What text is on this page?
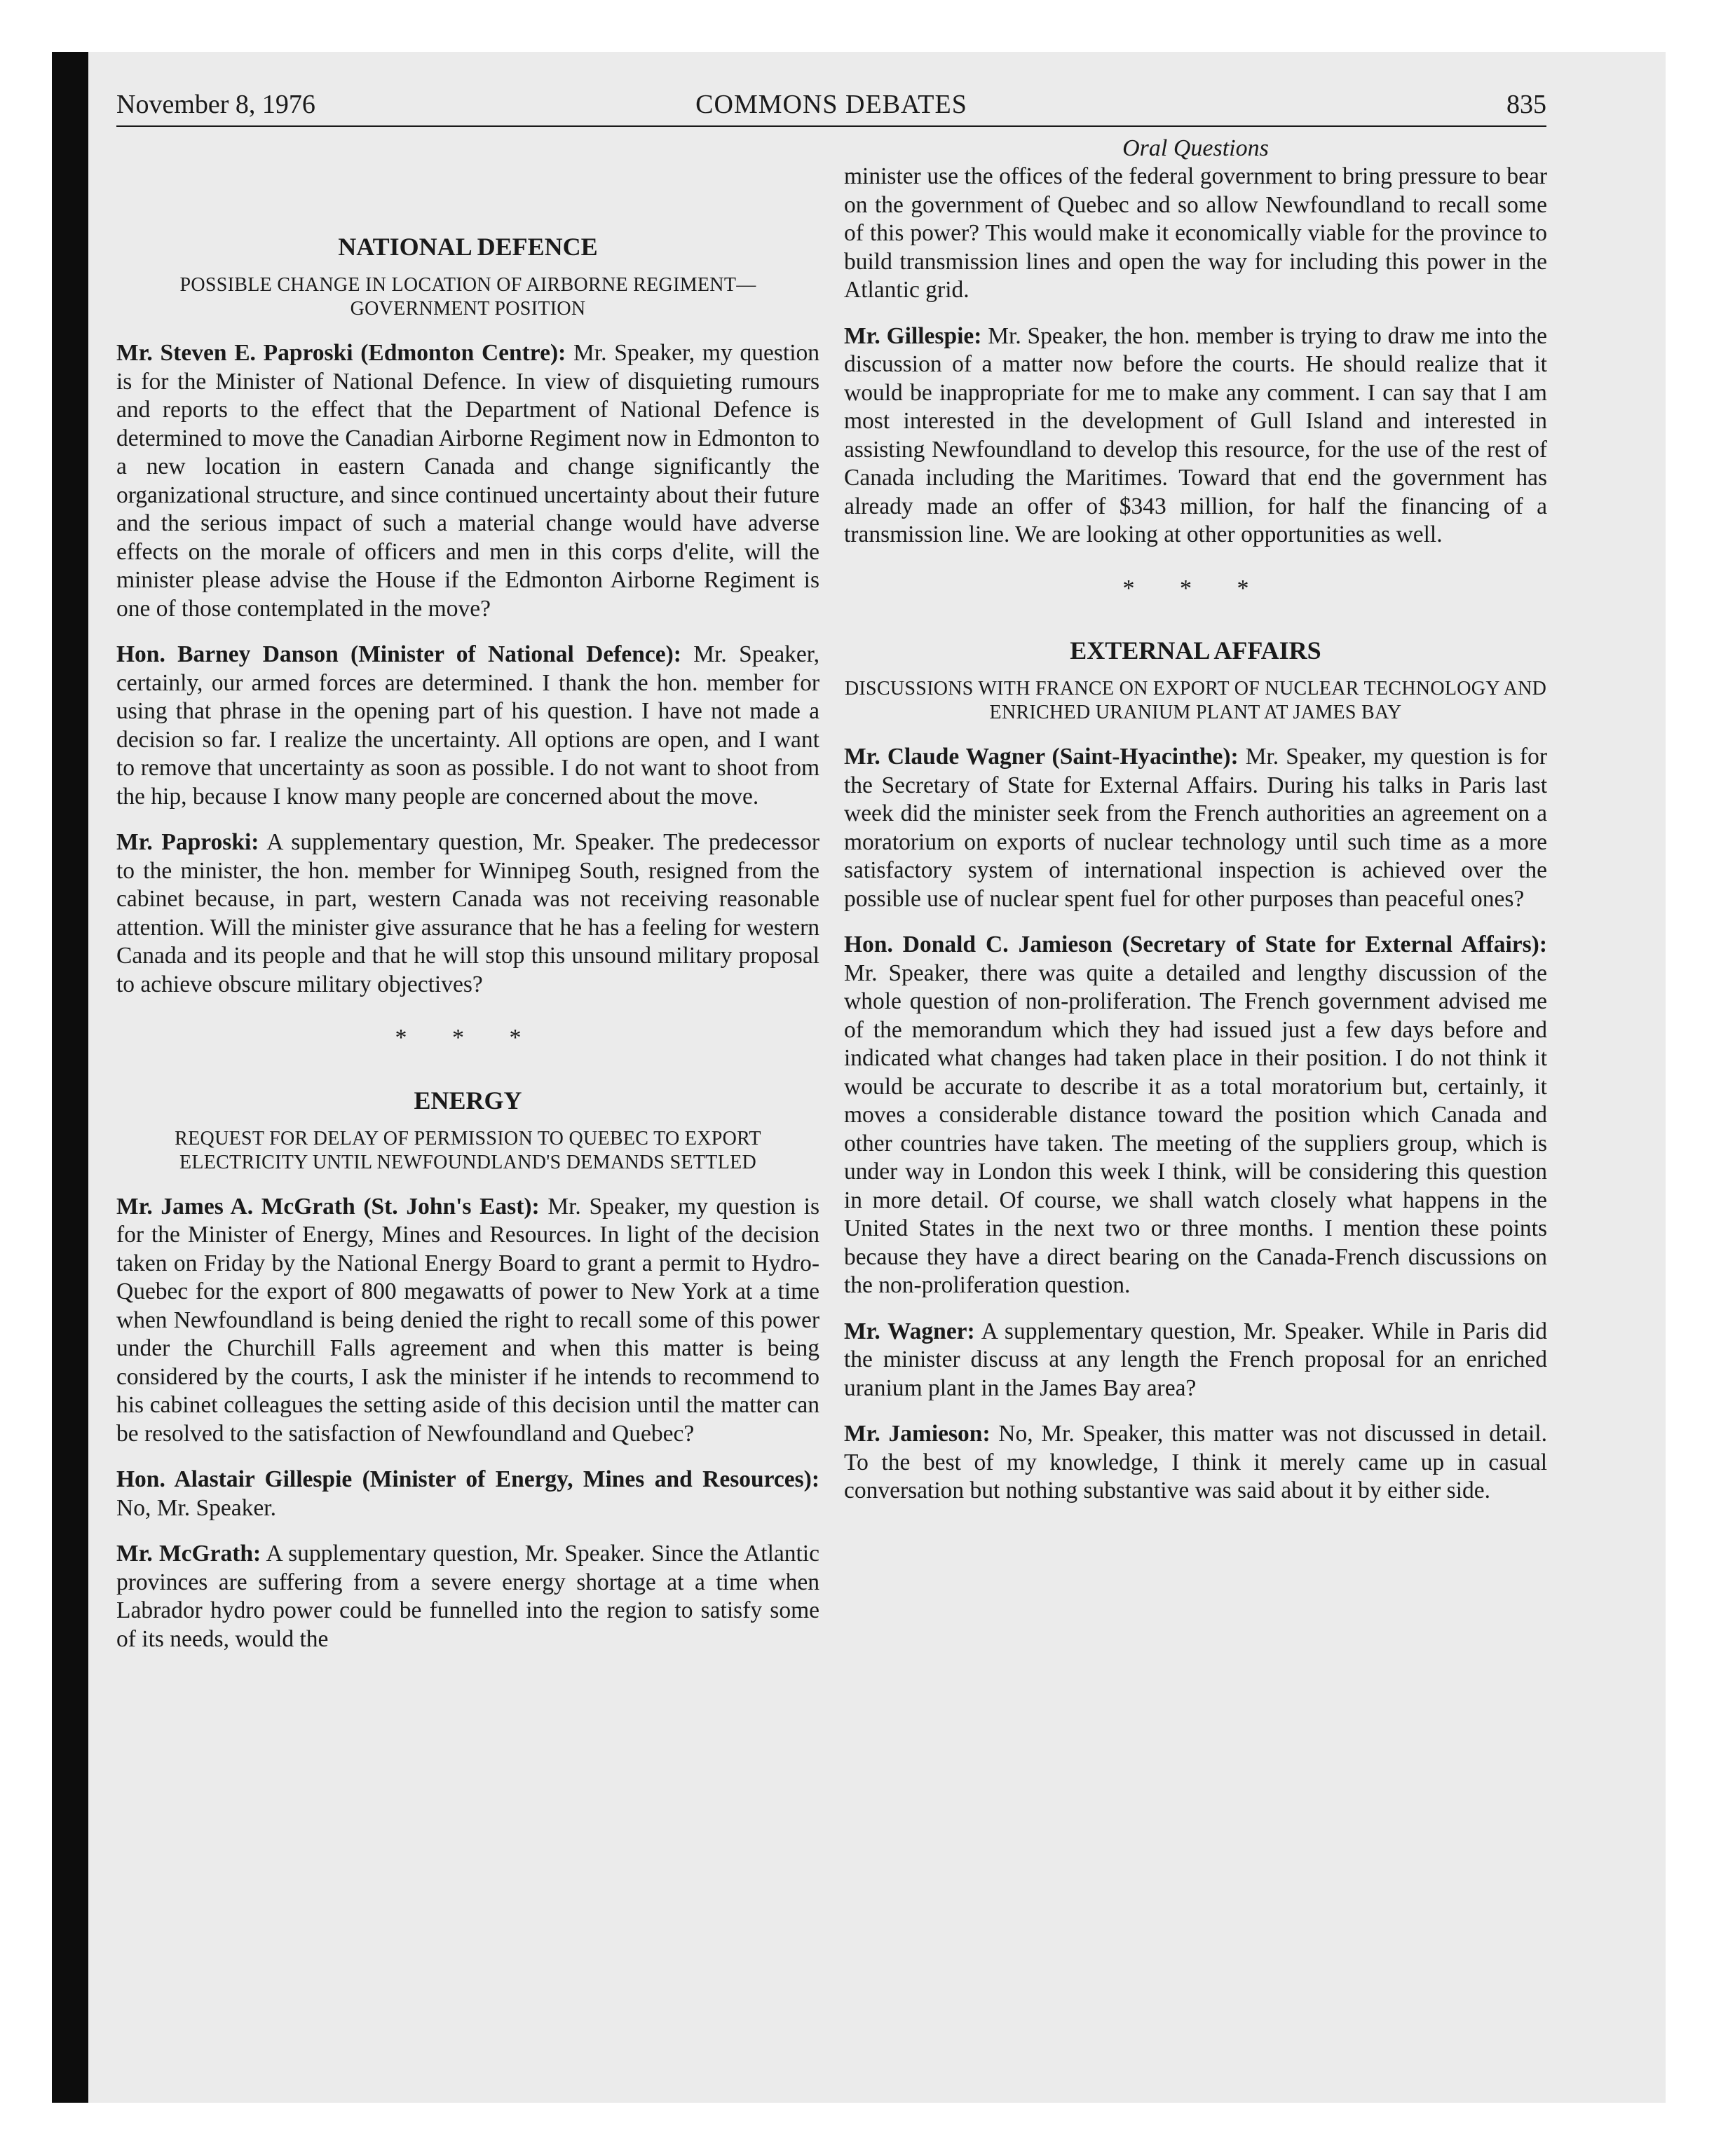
November 8, 1976	COMMONS DEBATES	835
NATIONAL DEFENCE
POSSIBLE CHANGE IN LOCATION OF AIRBORNE REGIMENT—GOVERNMENT POSITION

Mr. Steven E. Paproski (Edmonton Centre): Mr. Speaker, my question is for the Minister of National Defence. In view of disquieting rumours and reports to the effect that the Department of National Defence is determined to move the Canadian Airborne Regiment now in Edmonton to a new location in eastern Canada and change significantly the organizational structure, and since continued uncertainty about their future and the serious impact of such a material change would have adverse effects on the morale of officers and men in this corps d'elite, will the minister please advise the House if the Edmonton Airborne Regiment is one of those contemplated in the move?

Hon. Barney Danson (Minister of National Defence): Mr. Speaker, certainly, our armed forces are determined. I thank the hon. member for using that phrase in the opening part of his question. I have not made a decision so far. I realize the uncertainty. All options are open, and I want to remove that uncertainty as soon as possible. I do not want to shoot from the hip, because I know many people are concerned about the move.

Mr. Paproski: A supplementary question, Mr. Speaker. The predecessor to the minister, the hon. member for Winnipeg South, resigned from the cabinet because, in part, western Canada was not receiving reasonable attention. Will the minister give assurance that he has a feeling for western Canada and its people and that he will stop this unsound military proposal to achieve obscure military objectives?

* * *
ENERGY
REQUEST FOR DELAY OF PERMISSION TO QUEBEC TO EXPORT ELECTRICITY UNTIL NEWFOUNDLAND'S DEMANDS SETTLED

Mr. James A. McGrath (St. John's East): Mr. Speaker, my question is for the Minister of Energy, Mines and Resources. In light of the decision taken on Friday by the National Energy Board to grant a permit to Hydro-Quebec for the export of 800 megawatts of power to New York at a time when Newfoundland is being denied the right to recall some of this power under the Churchill Falls agreement and when this matter is being considered by the courts, I ask the minister if he intends to recommend to his cabinet colleagues the setting aside of this decision until the matter can be resolved to the satisfaction of Newfoundland and Quebec?

Hon. Alastair Gillespie (Minister of Energy, Mines and Resources): No, Mr. Speaker.

Mr. McGrath: A supplementary question, Mr. Speaker. Since the Atlantic provinces are suffering from a severe energy shortage at a time when Labrador hydro power could be funnelled into the region to satisfy some of its needs, would the

Oral Questions

minister use the offices of the federal government to bring pressure to bear on the government of Quebec and so allow Newfoundland to recall some of this power? This would make it economically viable for the province to build transmission lines and open the way for including this power in the Atlantic grid.

Mr. Gillespie: Mr. Speaker, the hon. member is trying to draw me into the discussion of a matter now before the courts. He should realize that it would be inappropriate for me to make any comment. I can say that I am most interested in the development of Gull Island and interested in assisting Newfoundland to develop this resource, for the use of the rest of Canada including the Maritimes. Toward that end the government has already made an offer of $343 million, for half the financing of a transmission line. We are looking at other opportunities as well.

* * *
EXTERNAL AFFAIRS
DISCUSSIONS WITH FRANCE ON EXPORT OF NUCLEAR TECHNOLOGY AND ENRICHED URANIUM PLANT AT JAMES BAY

Mr. Claude Wagner (Saint-Hyacinthe): Mr. Speaker, my question is for the Secretary of State for External Affairs. During his talks in Paris last week did the minister seek from the French authorities an agreement on a moratorium on exports of nuclear technology until such time as a more satisfactory system of international inspection is achieved over the possible use of nuclear spent fuel for other purposes than peaceful ones?

Hon. Donald C. Jamieson (Secretary of State for External Affairs): Mr. Speaker, there was quite a detailed and lengthy discussion of the whole question of non-proliferation. The French government advised me of the memorandum which they had issued just a few days before and indicated what changes had taken place in their position. I do not think it would be accurate to describe it as a total moratorium but, certainly, it moves a considerable distance toward the position which Canada and other countries have taken. The meeting of the suppliers group, which is under way in London this week I think, will be considering this question in more detail. Of course, we shall watch closely what happens in the United States in the next two or three months. I mention these points because they have a direct bearing on the Canada-French discussions on the non-proliferation question.

Mr. Wagner: A supplementary question, Mr. Speaker. While in Paris did the minister discuss at any length the French proposal for an enriched uranium plant in the James Bay area?

Mr. Jamieson: No, Mr. Speaker, this matter was not discussed in detail. To the best of my knowledge, I think it merely came up in casual conversation but nothing substantive was said about it by either side.
